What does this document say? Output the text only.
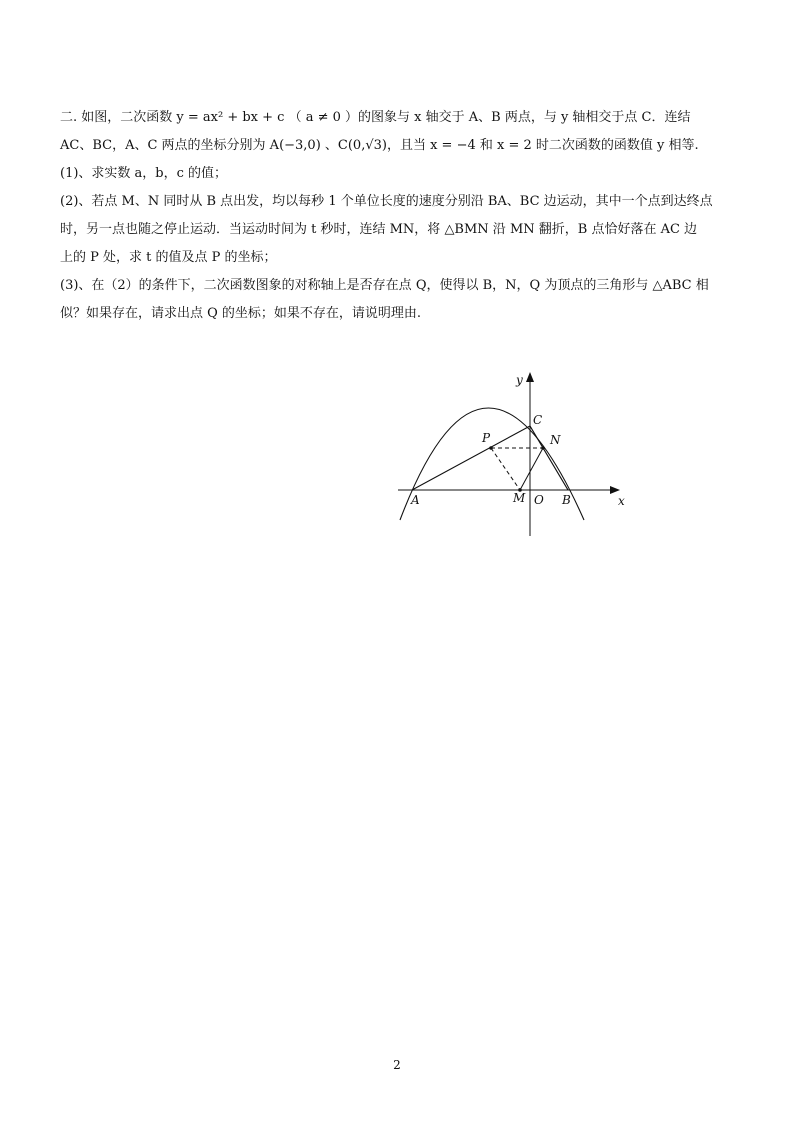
二. 如图，二次函数 y = ax² + bx + c （ a ≠ 0 ）的图象与 x 轴交于 A、B 两点，与 y 轴相交于点 C．连结
AC、BC，A、C 两点的坐标分别为 A(−3,0) 、C(0,√3)，且当 x = −4 和 x = 2 时二次函数的函数值 y 相等.
(1)、求实数 a，b，c 的值；
(2)、若点 M、N 同时从 B 点出发，均以每秒 1 个单位长度的速度分别沿 BA、BC 边运动，其中一个点到达终点
时，另一点也随之停止运动．当运动时间为 t 秒时，连结 MN，将 △BMN 沿 MN 翻折，B 点恰好落在 AC 边
上的 P 处，求 t 的值及点 P 的坐标；
(3)、在（2）的条件下，二次函数图象的对称轴上是否存在点 Q，使得以 B，N，Q 为顶点的三角形与 △ABC 相
似？如果存在，请求出点 Q 的坐标；如果不存在，请说明理由.
y
x
C
N
P
A	M O B
2
